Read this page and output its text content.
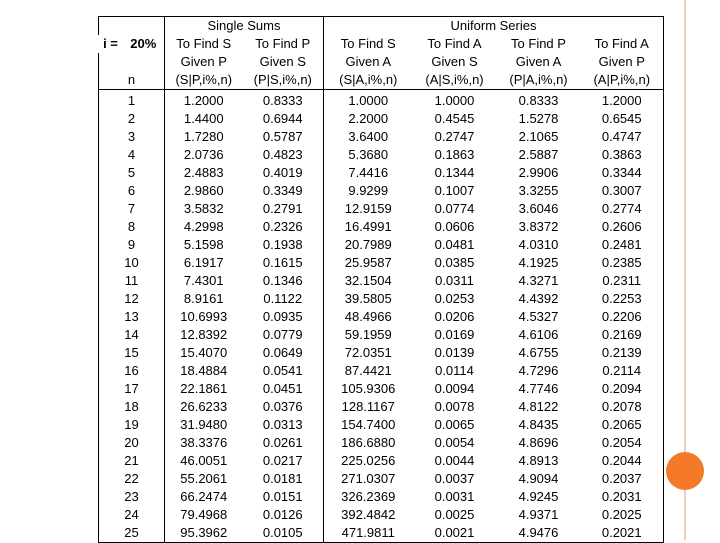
		Single Sums		Uniform Series			
i =	20%	To Find S	To Find P	To Find S	To Find A	To Find P	To Find A
		Given P	Given S	Given A	Given S	Given A	Given P
n		(S|P,i%,n)	(P|S,i%,n)	(S|A,i%,n)	(A|S,i%,n)	(P|A,i%,n)	(A|P,i%,n)
1		1.2000	0.8333	1.0000	1.0000	0.8333	1.2000
2		1.4400	0.6944	2.2000	0.4545	1.5278	0.6545
3		1.7280	0.5787	3.6400	0.2747	2.1065	0.4747
4		2.0736	0.4823	5.3680	0.1863	2.5887	0.3863
5		2.4883	0.4019	7.4416	0.1344	2.9906	0.3344
6		2.9860	0.3349	9.9299	0.1007	3.3255	0.3007
7		3.5832	0.2791	12.9159	0.0774	3.6046	0.2774
8		4.2998	0.2326	16.4991	0.0606	3.8372	0.2606
9		5.1598	0.1938	20.7989	0.0481	4.0310	0.2481
10		6.1917	0.1615	25.9587	0.0385	4.1925	0.2385
11		7.4301	0.1346	32.1504	0.0311	4.3271	0.2311
12		8.9161	0.1122	39.5805	0.0253	4.4392	0.2253
13		10.6993	0.0935	48.4966	0.0206	4.5327	0.2206
14		12.8392	0.0779	59.1959	0.0169	4.6106	0.2169
15		15.4070	0.0649	72.0351	0.0139	4.6755	0.2139
16		18.4884	0.0541	87.4421	0.0114	4.7296	0.2114
17		22.1861	0.0451	105.9306	0.0094	4.7746	0.2094
18		26.6233	0.0376	128.1167	0.0078	4.8122	0.2078
19		31.9480	0.0313	154.7400	0.0065	4.8435	0.2065
20		38.3376	0.0261	186.6880	0.0054	4.8696	0.2054
21		46.0051	0.0217	225.0256	0.0044	4.8913	0.2044
22		55.2061	0.0181	271.0307	0.0037	4.9094	0.2037
23		66.2474	0.0151	326.2369	0.0031	4.9245	0.2031
24		79.4968	0.0126	392.4842	0.0025	4.9371	0.2025
25		95.3962	0.0105	471.9811	0.0021	4.9476	0.2021
